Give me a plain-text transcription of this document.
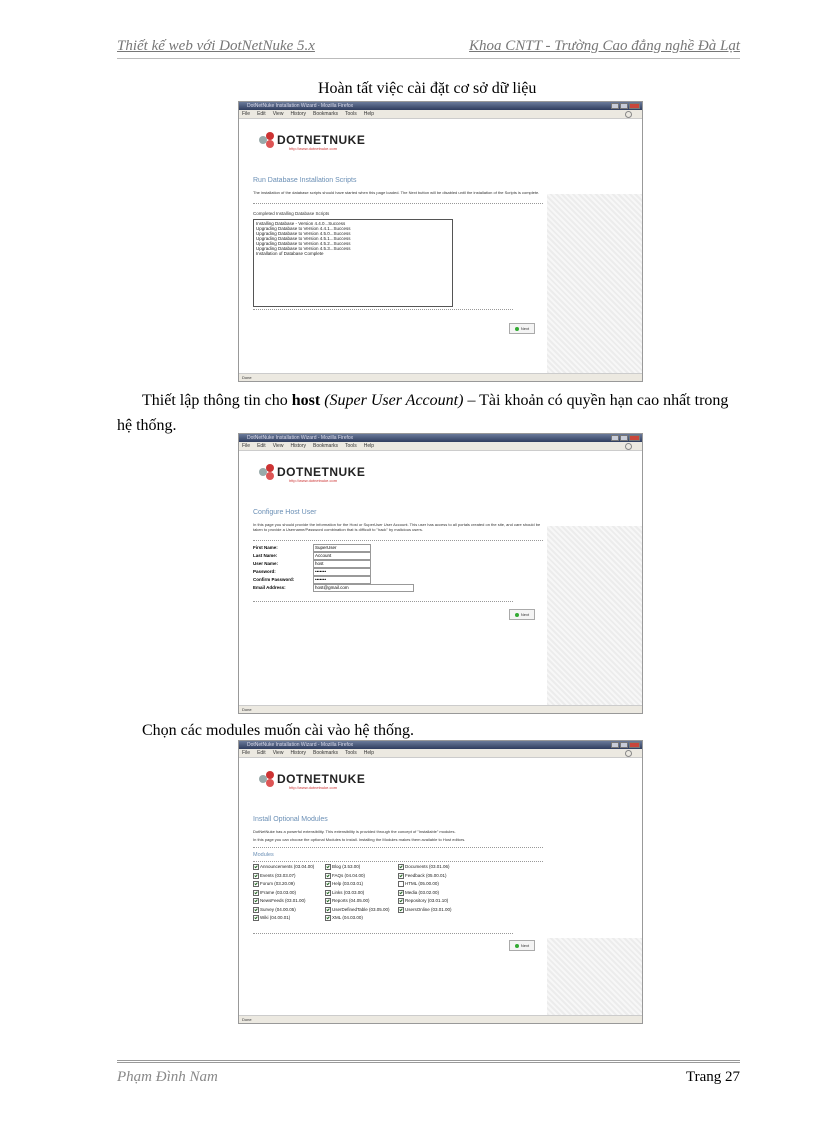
Thiết kế web với DotNetNuke 5.x	Khoa CNTT - Trường Cao đẳng nghề Đà Lạt
Hoàn tất việc cài đặt cơ sở dữ liệu
DotNetNuke Installation Wizard - Mozilla Firefox
File Edit View History Bookmarks Tools Help
DOTNETNUKE
http://www.dotnetnuke.com
Run Database Installation Scripts
The installation of the database scripts should have started when this page loaded. The Next button will be disabled until the installation of the Scripts is complete.
Completed Installing Database Scripts
Installing Database - Version 4.4.0...Success
Upgrading Database to Version 4.4.1...Success
Upgrading Database to Version 4.5.0...Success
Upgrading Database to Version 4.5.1...Success
Upgrading Database to Version 4.5.2...Success
Upgrading Database to Version 4.5.3...Success
Installation of Database Complete
Next
Done
Thiết lập thông tin cho host (Super User Account) – Tài khoản có quyền hạn cao nhất trong hệ thống.
DotNetNuke Installation Wizard - Mozilla Firefox
File Edit View History Bookmarks Tools Help
DOTNETNUKE
http://www.dotnetnuke.com
Configure Host User
In this page you should provide the information for the Host or SuperUser User Account. This user has access to all portals created on the site, and care should be taken to provide a Username/Password combination that is difficult to "hack" by malicious users.
First Name:	SuperUser
Last Name:	Account
User Name:	host
Password:	•••••••
Confirm Password:	•••••••
Email Address:	host@gmail.com
Next
Done
Chọn các modules muốn cài vào hệ thống.
DotNetNuke Installation Wizard - Mozilla Firefox
File Edit View History Bookmarks Tools Help
DOTNETNUKE
http://www.dotnetnuke.com
Install Optional Modules
DotNetNuke has a powerful extensibility. This extensibility is provided through the concept of "Installable" modules.
In this page you can choose the optional Modules to install. Installing the Modules makes them available to Host editors.
Modules
Announcements (03.04.00)	Blog (3.53.00)	Documents (03.01.06)
Events (03.03.07)	FAQs (04.04.00)	Feedback (05.00.01)
Forum (03.20.09)	Help (03.03.01)	HTML (05.00.00)
IFrame (03.03.00)	Links (03.03.00)	Media (03.02.00)
NewsFeeds (03.01.00)	Reports (04.05.00)	Repository (03.01.10)
Survey (04.00.05)	UserDefinedTable (03.05.00)	UsersOnline (03.01.00)
Wiki (04.00.01)	XML (04.03.00)
Next
Done
Phạm Đình Nam	Trang 27
